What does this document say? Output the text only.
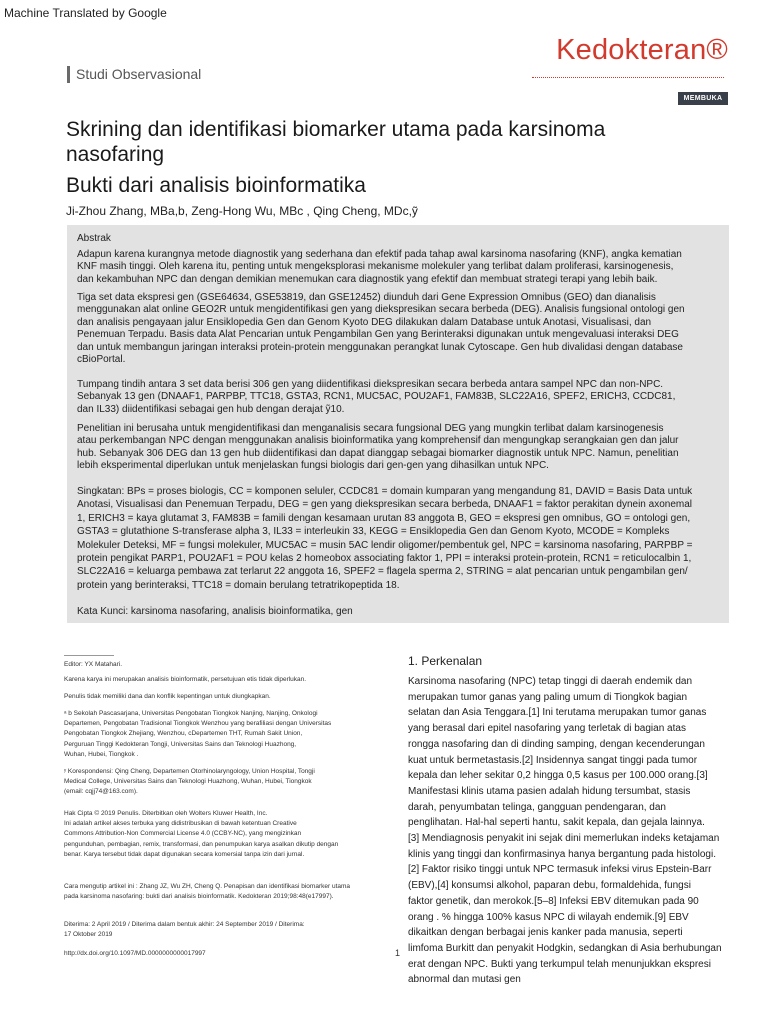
Machine Translated by Google
Kedokteran®
MEMBUKA
Studi Observasional
Skrining dan identifikasi biomarker utama pada karsinoma
nasofaring
Bukti dari analisis bioinformatika
Ji-Zhou Zhang, MBa,b, Zeng-Hong Wu, MBc , Qing Cheng, MDc,ỹ
Abstrak
Adapun karena kurangnya metode diagnostik yang sederhana dan efektif pada tahap awal karsinoma nasofaring (KNF), angka kematian
KNF masih tinggi. Oleh karena itu, penting untuk mengeksplorasi mekanisme molekuler yang terlibat dalam proliferasi, karsinogenesis,
dan kekambuhan NPC dan dengan demikian menemukan cara diagnostik yang efektif dan membuat strategi terapi yang lebih baik.
Tiga set data ekspresi gen (GSE64634, GSE53819, dan GSE12452) diunduh dari Gene Expression Omnibus (GEO) dan dianalisis
menggunakan alat online GEO2R untuk mengidentifikasi gen yang diekspresikan secara berbeda (DEG). Analisis fungsional ontologi gen
dan analisis pengayaan jalur Ensiklopedia Gen dan Genom Kyoto DEG dilakukan dalam Database untuk Anotasi, Visualisasi, dan
Penemuan Terpadu. Basis data Alat Pencarian untuk Pengambilan Gen yang Berinteraksi digunakan untuk mengevaluasi interaksi DEG
dan untuk membangun jaringan interaksi protein-protein menggunakan perangkat lunak Cytoscape. Gen hub divalidasi dengan database
cBioPortal.
Tumpang tindih antara 3 set data berisi 306 gen yang diidentifikasi diekspresikan secara berbeda antara sampel NPC dan non-NPC.
Sebanyak 13 gen (DNAAF1, PARPBP, TTC18, GSTA3, RCN1, MUC5AC, POU2AF1, FAM83B, SLC22A16, SPEF2, ERICH3, CCDC81,
dan IL33) diidentifikasi sebagai gen hub dengan derajat ỹ10.
Penelitian ini berusaha untuk mengidentifikasi dan menganalisis secara fungsional DEG yang mungkin terlibat dalam karsinogenesis
atau perkembangan NPC dengan menggunakan analisis bioinformatika yang komprehensif dan mengungkap serangkaian gen dan jalur
hub. Sebanyak 306 DEG dan 13 gen hub diidentifikasi dan dapat dianggap sebagai biomarker diagnostik untuk NPC. Namun, penelitian
lebih eksperimental diperlukan untuk menjelaskan fungsi biologis dari gen-gen yang dihasilkan untuk NPC.
Singkatan: BPs = proses biologis, CC = komponen seluler, CCDC81 = domain kumparan yang mengandung 81, DAVID = Basis Data untuk
Anotasi, Visualisasi dan Penemuan Terpadu, DEG = gen yang diekspresikan secara berbeda, DNAAF1 = faktor perakitan dynein axonemal
1, ERICH3 = kaya glutamat 3, FAM83B = famili dengan kesamaan urutan 83 anggota B, GEO = ekspresi gen omnibus, GO = ontologi gen,
GSTA3 = glutathione S-transferase alpha 3, IL33 = interleukin 33, KEGG = Ensiklopedia Gen dan Genom Kyoto, MCODE = Kompleks
Molekuler Deteksi, MF = fungsi molekuler, MUC5AC = musin 5AC lendir oligomer/pembentuk gel, NPC = karsinoma nasofaring, PARPBP =
protein pengikat PARP1, POU2AF1 = POU kelas 2 homeobox associating faktor 1, PPI = interaksi protein-protein, RCN1 = reticulocalbin 1,
SLC22A16 = keluarga pembawa zat terlarut 22 anggota 16, SPEF2 = flagela sperma 2, STRING = alat pencarian untuk pengambilan gen/
protein yang berinteraksi, TTC18 = domain berulang tetratrikopeptida 18.
Kata Kunci: karsinoma nasofaring, analisis bioinformatika, gen
Editor: YX Matahari.
Karena karya ini merupakan analisis bioinformatik, persetujuan etis tidak diperlukan.
Penulis tidak memiliki dana dan konflik kepentingan untuk diungkapkan.
ᵃ b Sekolah Pascasarjana, Universitas Pengobatan Tiongkok Nanjing, Nanjing, Onkologi
Departemen, Pengobatan Tradisional Tiongkok Wenzhou yang berafiliasi dengan Universitas
Pengobatan Tiongkok Zhejiang, Wenzhou, cDepartemen THT, Rumah Sakit Union,
Perguruan Tinggi Kedokteran Tongji, Universitas Sains dan Teknologi Huazhong,
Wuhan, Hubei, Tiongkok .
ʸ Korespondensi: Qing Cheng, Departemen Otorhinolaryngology, Union Hospital, Tongji
Medical College, Universitas Sains dan Teknologi Huazhong, Wuhan, Hubei, Tiongkok
(email: cqjj74@163.com).
Hak Cipta © 2019 Penulis. Diterbitkan oleh Wolters Kluwer Health, Inc.
Ini adalah artikel akses terbuka yang didistribusikan di bawah ketentuan Creative
Commons Attribution-Non Commercial License 4.0 (CCBY-NC), yang mengizinkan
pengunduhan, pembagian, remix, transformasi, dan penumpukan karya asalkan dikutip dengan
benar. Karya tersebut tidak dapat digunakan secara komersial tanpa izin dari jurnal.
Cara mengutip artikel ini : Zhang JZ, Wu ZH, Cheng Q. Penapisan dan identifikasi biomarker utama
pada karsinoma nasofaring: bukti dari analisis bioinformatik. Kedokteran 2019;98:48(e17997).
Diterima: 2 April 2019 / Diterima dalam bentuk akhir: 24 September 2019 / Diterima:
17 Oktober 2019
http://dx.doi.org/10.1097/MD.0000000000017997
1. Perkenalan
Karsinoma nasofaring (NPC) tetap tinggi di daerah endemik dan
merupakan tumor ganas yang paling umum di Tiongkok bagian
selatan dan Asia Tenggara.[1] Ini terutama merupakan tumor ganas
yang berasal dari epitel nasofaring yang terletak di bagian atas
rongga nasofaring dan di dinding samping, dengan kecenderungan
kuat untuk bermetastasis.[2] Insidennya sangat tinggi pada tumor
kepala dan leher sekitar 0,2 hingga 0,5 kasus per 100.000 orang.[3]
Manifestasi klinis utama pasien adalah hidung tersumbat, stasis
darah, penyumbatan telinga, gangguan pendengaran, dan
penglihatan. Hal-hal seperti hantu, sakit kepala, dan gejala lainnya.
[3] Mendiagnosis penyakit ini sejak dini memerlukan indeks ketajaman
klinis yang tinggi dan konfirmasinya hanya bergantung pada histologi.
[2] Faktor risiko tinggi untuk NPC termasuk infeksi virus Epstein-Barr
(EBV),[4] konsumsi alkohol, paparan debu, formaldehida, fungsi
faktor genetik, dan merokok.[5–8] Infeksi EBV ditemukan pada 90
orang . % hingga 100% kasus NPC di wilayah endemik.[9] EBV
dikaitkan dengan berbagai jenis kanker pada manusia, seperti
limfoma Burkitt dan penyakit Hodgkin, sedangkan di Asia berhubungan
erat dengan NPC. Bukti yang terkumpul telah menunjukkan ekspresi
abnormal dan mutasi gen
1
